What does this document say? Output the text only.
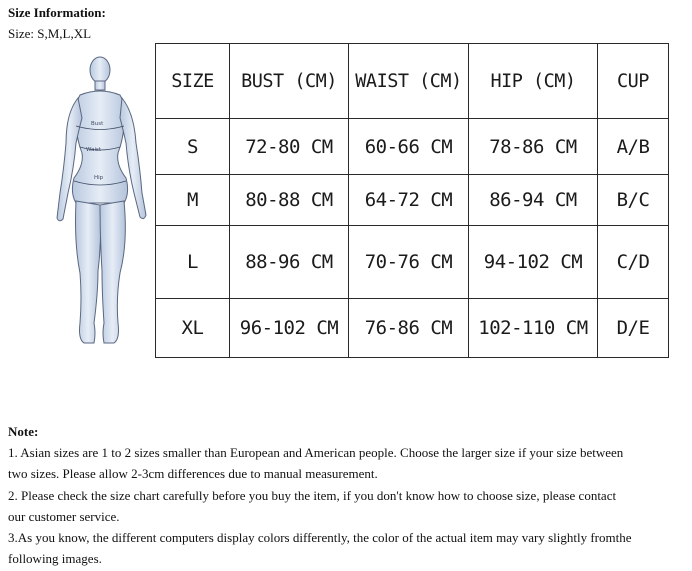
Size Information:
Size: S,M,L,XL
Bust
Waist
Hip
SIZE	BUST (CM)	WAIST (CM)	HIP (CM)	CUP
S	72-80 CM	60-66 CM	78-86 CM	A/B
M	80-88 CM	64-72 CM	86-94 CM	B/C
L	88-96 CM	70-76 CM	94-102 CM	C/D
XL	96-102 CM	76-86 CM	102-110 CM	D/E

Note:

1. Asian sizes are 1 to 2 sizes smaller than European and American people. Choose the larger size if your size between

two sizes. Please allow 2-3cm differences due to manual measurement.

2. Please check the size chart carefully before you buy the item, if you don't know how to choose size, please contact

our customer service.

3.As you know, the different computers display colors differently, the color of the actual item may vary slightly fromthe

following images.
